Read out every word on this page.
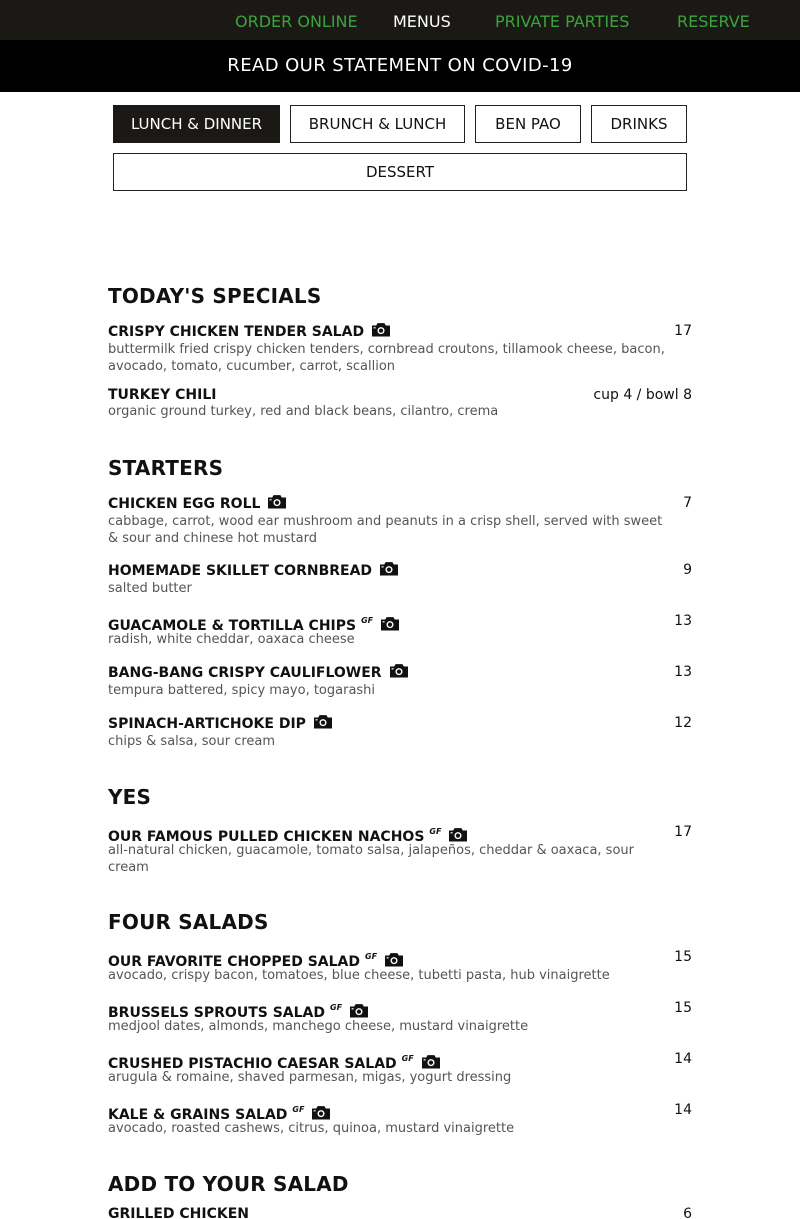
ORDER ONLINE MENUS	PRIVATE PARTIES	RESERVE
READ OUR STATEMENT ON COVID-19
LUNCH & DINNER	BRUNCH & LUNCH	BEN PAO	DRINKS
DESSERT
TODAY'S SPECIALS
CRISPY CHICKEN TENDER SALAD	17
buttermilk fried crispy chicken tenders, cornbread croutons, tillamook cheese, bacon, avocado, tomato, cucumber, carrot, scallion
TURKEY CHILI	cup 4 / bowl 8
organic ground turkey, red and black beans, cilantro, crema
STARTERS
CHICKEN EGG ROLL	7
cabbage, carrot, wood ear mushroom and peanuts in a crisp shell, served with sweet & sour and chinese hot mustard
HOMEMADE SKILLET CORNBREAD	9
salted butter
GUACAMOLE & TORTILLA CHIPS $^{GF}$	13
radish, white cheddar, oaxaca cheese
BANG-BANG CRISPY CAULIFLOWER	13
tempura battered, spicy mayo, togarashi
SPINACH-ARTICHOKE DIP	12
chips & salsa, sour cream
YES
OUR FAMOUS PULLED CHICKEN NACHOS $^{GF}$	17
all-natural chicken, guacamole, tomato salsa, jalapeños, cheddar & oaxaca, sour cream
FOUR SALADS
OUR FAVORITE CHOPPED SALAD $^{GF}$	15
avocado, crispy bacon, tomatoes, blue cheese, tubetti pasta, hub vinaigrette
BRUSSELS SPROUTS SALAD $^{GF}$	15
medjool dates, almonds, manchego cheese, mustard vinaigrette
CRUSHED PISTACHIO CAESAR SALAD $^{GF}$	14
arugula & romaine, shaved parmesan, migas, yogurt dressing
KALE & GRAINS SALAD $^{GF}$	14
avocado, roasted cashews, citrus, quinoa, mustard vinaigrette
ADD TO YOUR SALAD
GRILLED CHICKEN	6
